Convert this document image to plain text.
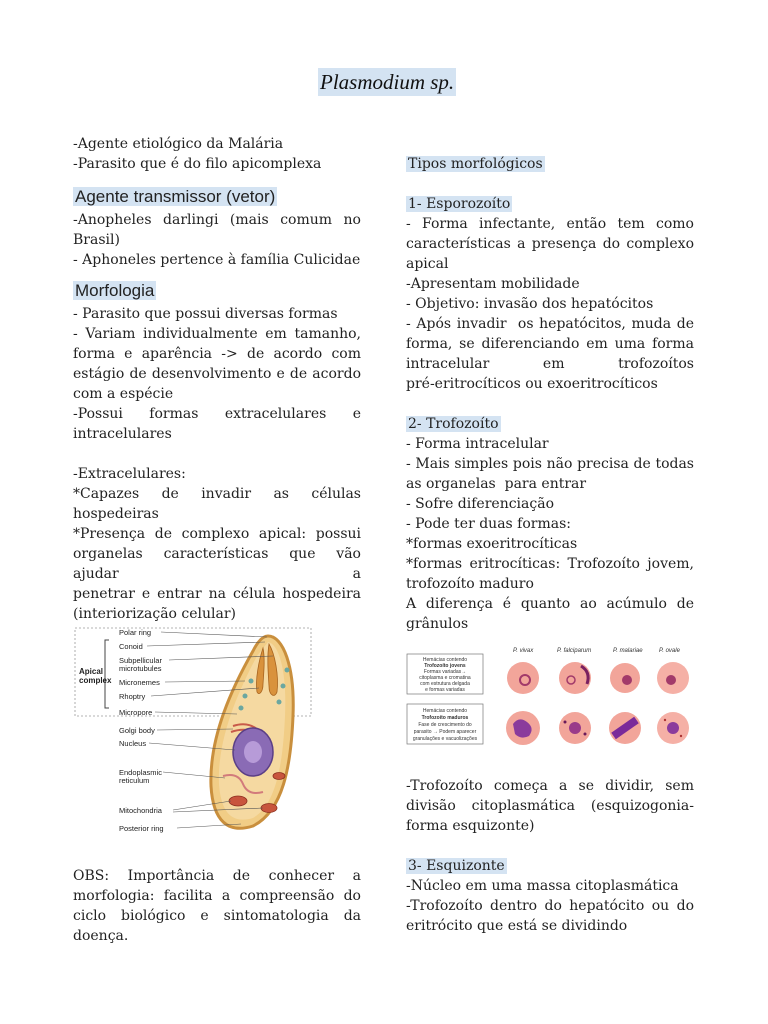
Plasmodium sp.
-Agente etiológico da Malária
-Parasito que é do filo apicomplexa
Agente transmissor (vetor)
-Anopheles darlingi (mais comum no
Brasil)
- Aphoneles pertence à família Culicidae
Morfologia
- Parasito que possui diversas formas
- Variam individualmente em tamanho,
forma e aparência -> de acordo com
estágio de desenvolvimento e de acordo
com a espécie
-Possui formas extracelulares e
intracelulares
-Extracelulares:
*Capazes de invadir as células
hospedeiras
*Presença de complexo apical: possui
organelas características que vão ajudar a
penetrar e entrar na célula hospedeira
(interiorização celular)
Apical
complex
Polar ring
Conoid
Subpellicular
microtubules
Micronemes
Rhoptry
Micropore
Golgi body
Nucleus
Endoplasmic
reticulum
Mitochondria
Posterior ring
OBS: Importância de conhecer a
morfologia: facilita a compreensão do
ciclo biológico e sintomatologia da
doença.
Tipos morfológicos
1- Esporozoíto
- Forma infectante, então tem como
características a presença do complexo
apical
-Apresentam mobilidade
- Objetivo: invasão dos hepatócitos
- Após invadir  os hepatócitos, muda de
forma, se diferenciando em uma forma
intracelular em trofozoítos
pré-eritrocíticos ou exoeritrocíticos
2- Trofozoíto
- Forma intracelular
- Mais simples pois não precisa de todas
as organelas  para entrar
- Sofre diferenciação
- Pode ter duas formas:
*formas exoeritrocíticas
*formas eritrocíticas: Trofozoíto jovem,
trofozoíto maduro
A diferença é quanto ao acúmulo de
grânulos
P. vivax	P. falciparum	P. malariae	P. ovale
Hemácias contendo
Trofozoíto jovens
Formas variadas→
citoplasma e cromatina
com estrutura delgada
e formas variadas
Hemácias contendo
Trofozoíto maduros
Fase de crescimento do
parasito → Podem aparecer
granulações e vacuolizações
-Trofozoíto começa a se dividir, sem
divisão citoplasmática (esquizogonia-
forma esquizonte)
3- Esquizonte
-Núcleo em uma massa citoplasmática
-Trofozoíto dentro do hepatócito ou do
eritrócito que está se dividindo
